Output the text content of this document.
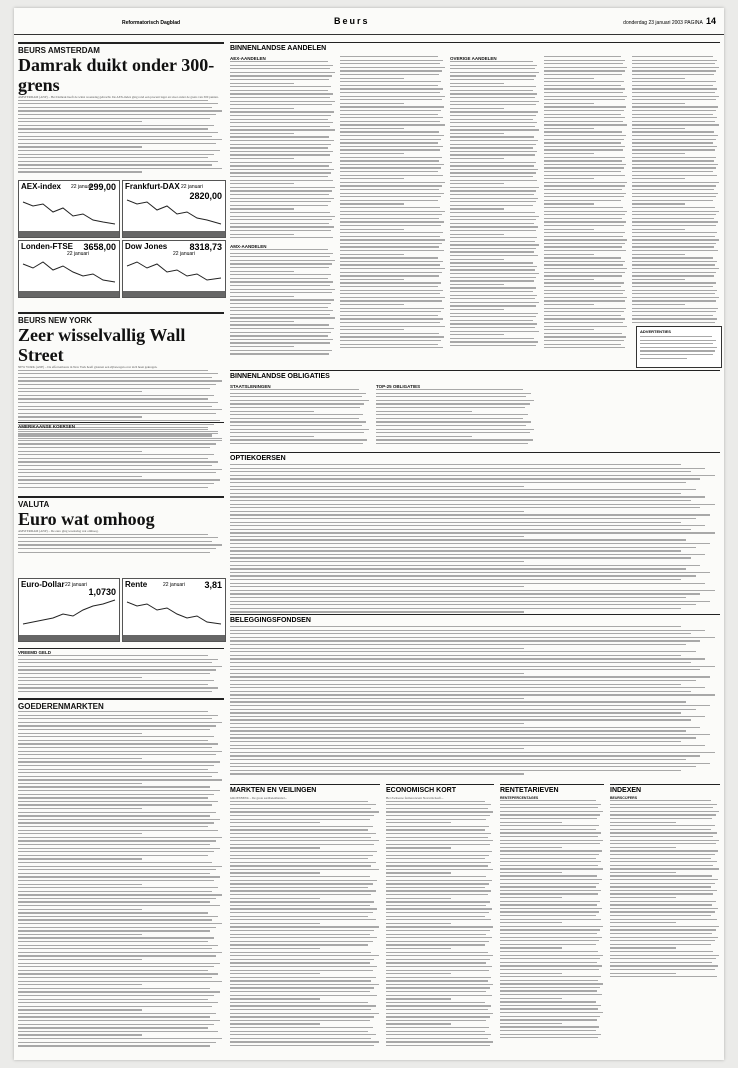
Reformatorisch Dagblad	Beurs	donderdag 23 januari 2003 PAGINA 14
BEURS AMSTERDAM
Damrak duikt onder 300-grens
AMSTERDAM (ANP) – Het Damrak heeft de winst woensdag gebracht. De AEX-index ging rond een procent lager en sloot onder de grens van 300 punten.
AEX-index 22 januari
299,00 Frankfurt-DAX 22 januari
2820,00
Londen-FTSE
22 januari
3658,00 Dow Jones
22 januari
8318,73
BEURS NEW YORK
Zeer wisselvallig Wall Street
NEW YORK (ANP) – De effectenbeurs in New York heeft gisteren een zijbewegen over zich heen gekregen.
AMERIKAANSE KOERSEN
VALUTA
Euro wat omhoog
AMSTERDAM (ANP) – De euro ging woensdag wat omhoog.
Euro-Dollar 22 januari
1,0730
Rente	22 januari 3,81
VREEMD GELD
GOEDERENMARKTEN
BINNENLANDSE AANDELEN
AEX-AANDELEN
AMX-AANDELEN
OVERIGE AANDELEN
ADVERTENTIES
BINNENLANDSE OBLIGATIES
STAATSLENINGEN	TOP-25 OBLIGATIES
OPTIEKOERSEN
BELEGGINGSFONDSEN
MARKTEN EN VEILINGEN
GROESBEEK – De grote aardbeienhandel...
ECONOMISCH KORT
Het Zwitserse farmaconcern Novartis heeft...
RENTETARIEVEN
RENTEPERCENTAGES
INDEXEN
BEURSCIJFERS
